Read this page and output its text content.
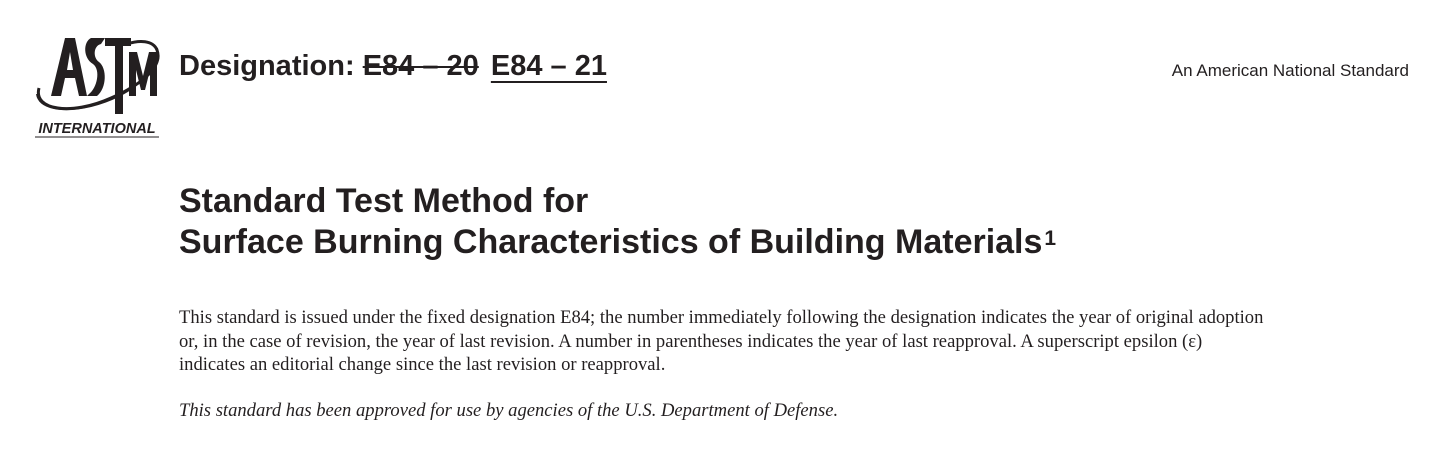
INTERNATIONAL
Designation: E84 – 20 E84 – 21	An American National Standard
Standard Test Method for
Surface Burning Characteristics of Building Materials$^1$
This standard is issued under the fixed designation E84; the number immediately following the designation indicates the year of original adoption or, in the case of revision, the year of last revision. A number in parentheses indicates the year of last reapproval. A superscript epsilon (ε) indicates an editorial change since the last revision or reapproval.
This standard has been approved for use by agencies of the U.S. Department of Defense.
